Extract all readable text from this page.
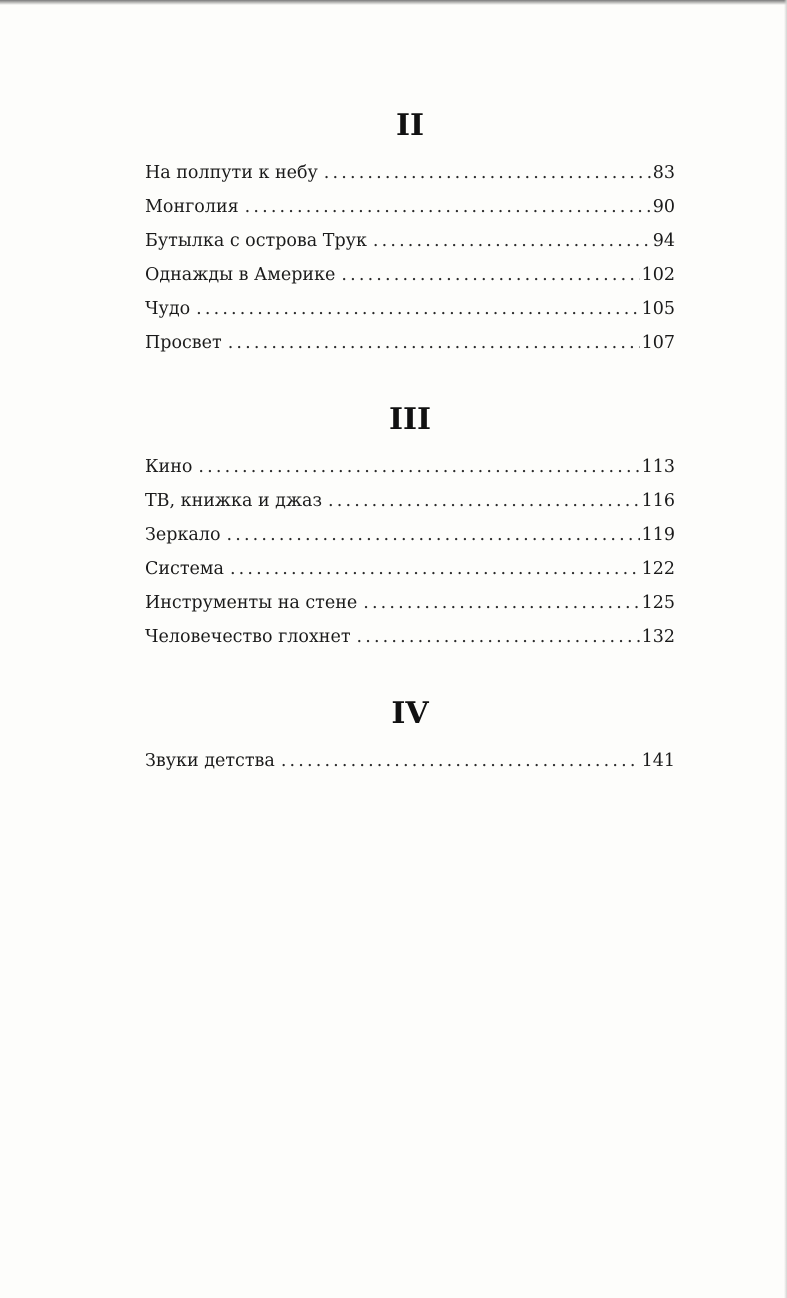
II
На полпути к небу . . .	83
Монголия . . .	90
Бутылка с острова Трук . . .	94
Однажды в Америке . . .	102
Чудо . . .	105
Просвет . . .	107
III
Кино . . .	113
ТВ, книжка и джаз . . .	116
Зеркало . . .	119
Система . . .	122
Инструменты на стене . . .	125
Человечество глохнет . . .	132
IV
Звуки детства . . .	141
